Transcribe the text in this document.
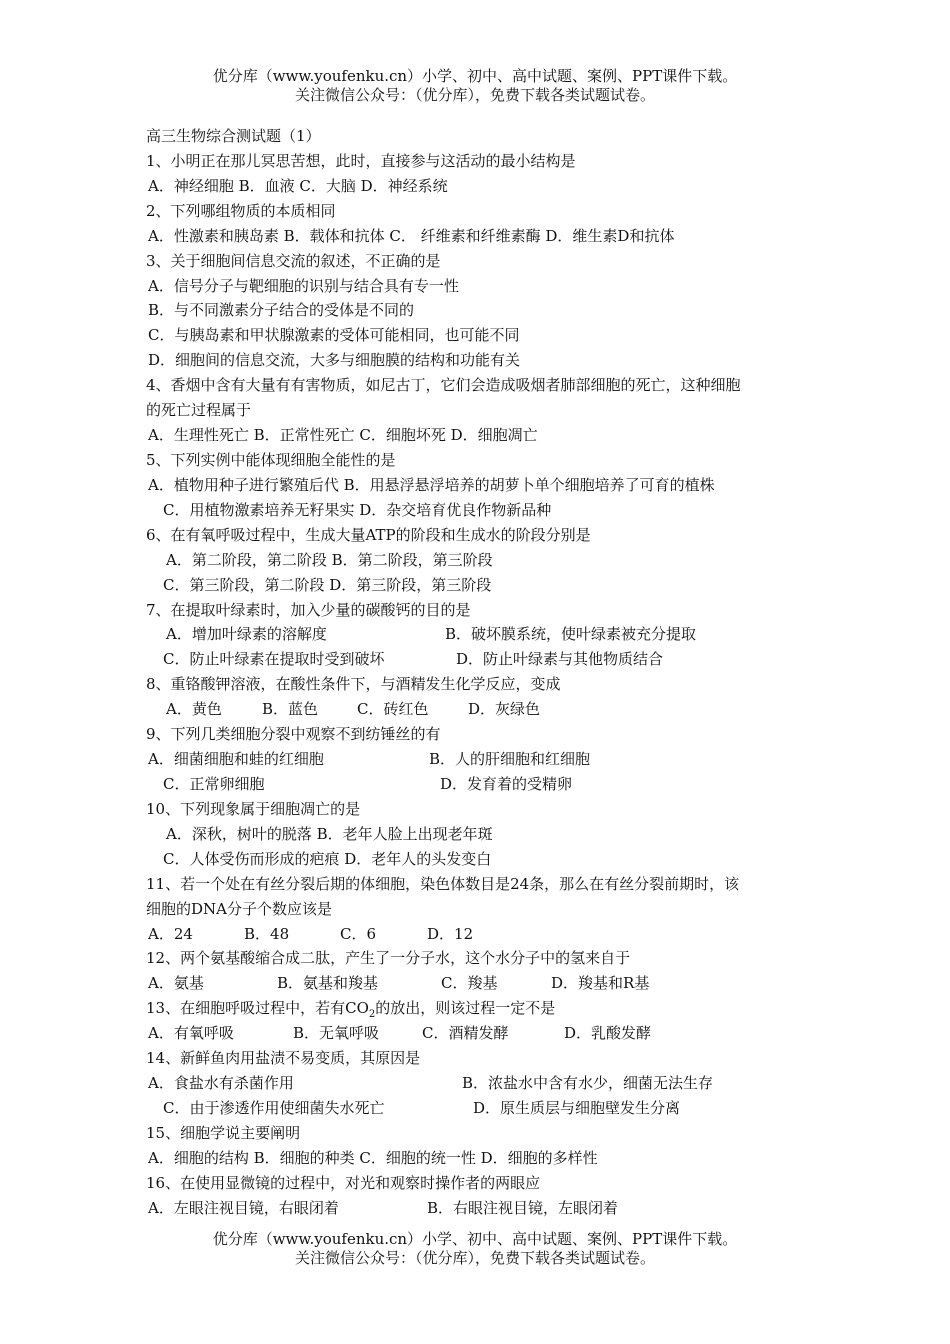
优分库（www.youfenku.cn）小学、初中、高中试题、案例、PPT课件下载。
关注微信公众号：（优分库），免费下载各类试题试卷。
高三生物综合测试题（1）
1、小明正在那儿冥思苦想，此时，直接参与这活动的最小结构是
A．神经细胞 B．血液 C．大脑 D．神经系统
2、下列哪组物质的本质相同
A．性激素和胰岛素 B．载体和抗体 C． 纤维素和纤维素酶 D．维生素D和抗体
3、关于细胞间信息交流的叙述，不正确的是
A．信号分子与靶细胞的识别与结合具有专一性
B．与不同激素分子结合的受体是不同的
C．与胰岛素和甲状腺激素的受体可能相同，也可能不同
D．细胞间的信息交流，大多与细胞膜的结构和功能有关
4、香烟中含有大量有有害物质，如尼古丁，它们会造成吸烟者肺部细胞的死亡，这种细胞
的死亡过程属于
A．生理性死亡 B．正常性死亡 C．细胞坏死 D．细胞凋亡
5、下列实例中能体现细胞全能性的是
A．植物用种子进行繁殖后代 B．用悬浮悬浮培养的胡萝卜单个细胞培养了可育的植株
C．用植物激素培养无籽果实 D．杂交培育优良作物新品种
6、在有氧呼吸过程中，生成大量ATP的阶段和生成水的阶段分别是
A．第二阶段，第二阶段 B．第二阶段，第三阶段
C．第三阶段，第二阶段 D．第三阶段，第三阶段
7、在提取叶绿素时，加入少量的碳酸钙的目的是
A．增加叶绿素的溶解度	B．破坏膜系统，使叶绿素被充分提取
C．防止叶绿素在提取时受到破坏	D．防止叶绿素与其他物质结合
8、重铬酸钾溶液，在酸性条件下，与酒精发生化学反应，变成
A．黄色	B．蓝色	C．砖红色	D．灰绿色
9、下列几类细胞分裂中观察不到纺锤丝的有
A．细菌细胞和蛙的红细胞	B．人的肝细胞和红细胞
C．正常卵细胞	D．发育着的受精卵
10、下列现象属于细胞凋亡的是
A．深秋，树叶的脱落 B．老年人脸上出现老年斑
C．人体受伤而形成的疤痕 D．老年人的头发变白
11、若一个处在有丝分裂后期的体细胞，染色体数目是24条，那么在有丝分裂前期时，该
细胞的DNA分子个数应该是
A．24	B．48	C．6	D．12
12、两个氨基酸缩合成二肽，产生了一分子水，这个水分子中的氢来自于
A．氨基	B．氨基和羧基	C．羧基	D．羧基和R基
13、在细胞呼吸过程中，若有$CO_2$的放出，则该过程一定不是
A．有氧呼吸	B．无氧呼吸	C．酒精发酵	D．乳酸发酵
14、新鲜鱼肉用盐渍不易变质，其原因是
A．食盐水有杀菌作用	B．浓盐水中含有水少，细菌无法生存
C．由于渗透作用使细菌失水死亡	D．原生质层与细胞壁发生分离
15、细胞学说主要阐明
A．细胞的结构 B．细胞的种类 C．细胞的统一性 D．细胞的多样性
16、在使用显微镜的过程中，对光和观察时操作者的两眼应
A．左眼注视目镜，右眼闭着	B．右眼注视目镜，左眼闭着
优分库（www.youfenku.cn）小学、初中、高中试题、案例、PPT课件下载。
关注微信公众号：（优分库），免费下载各类试题试卷。
